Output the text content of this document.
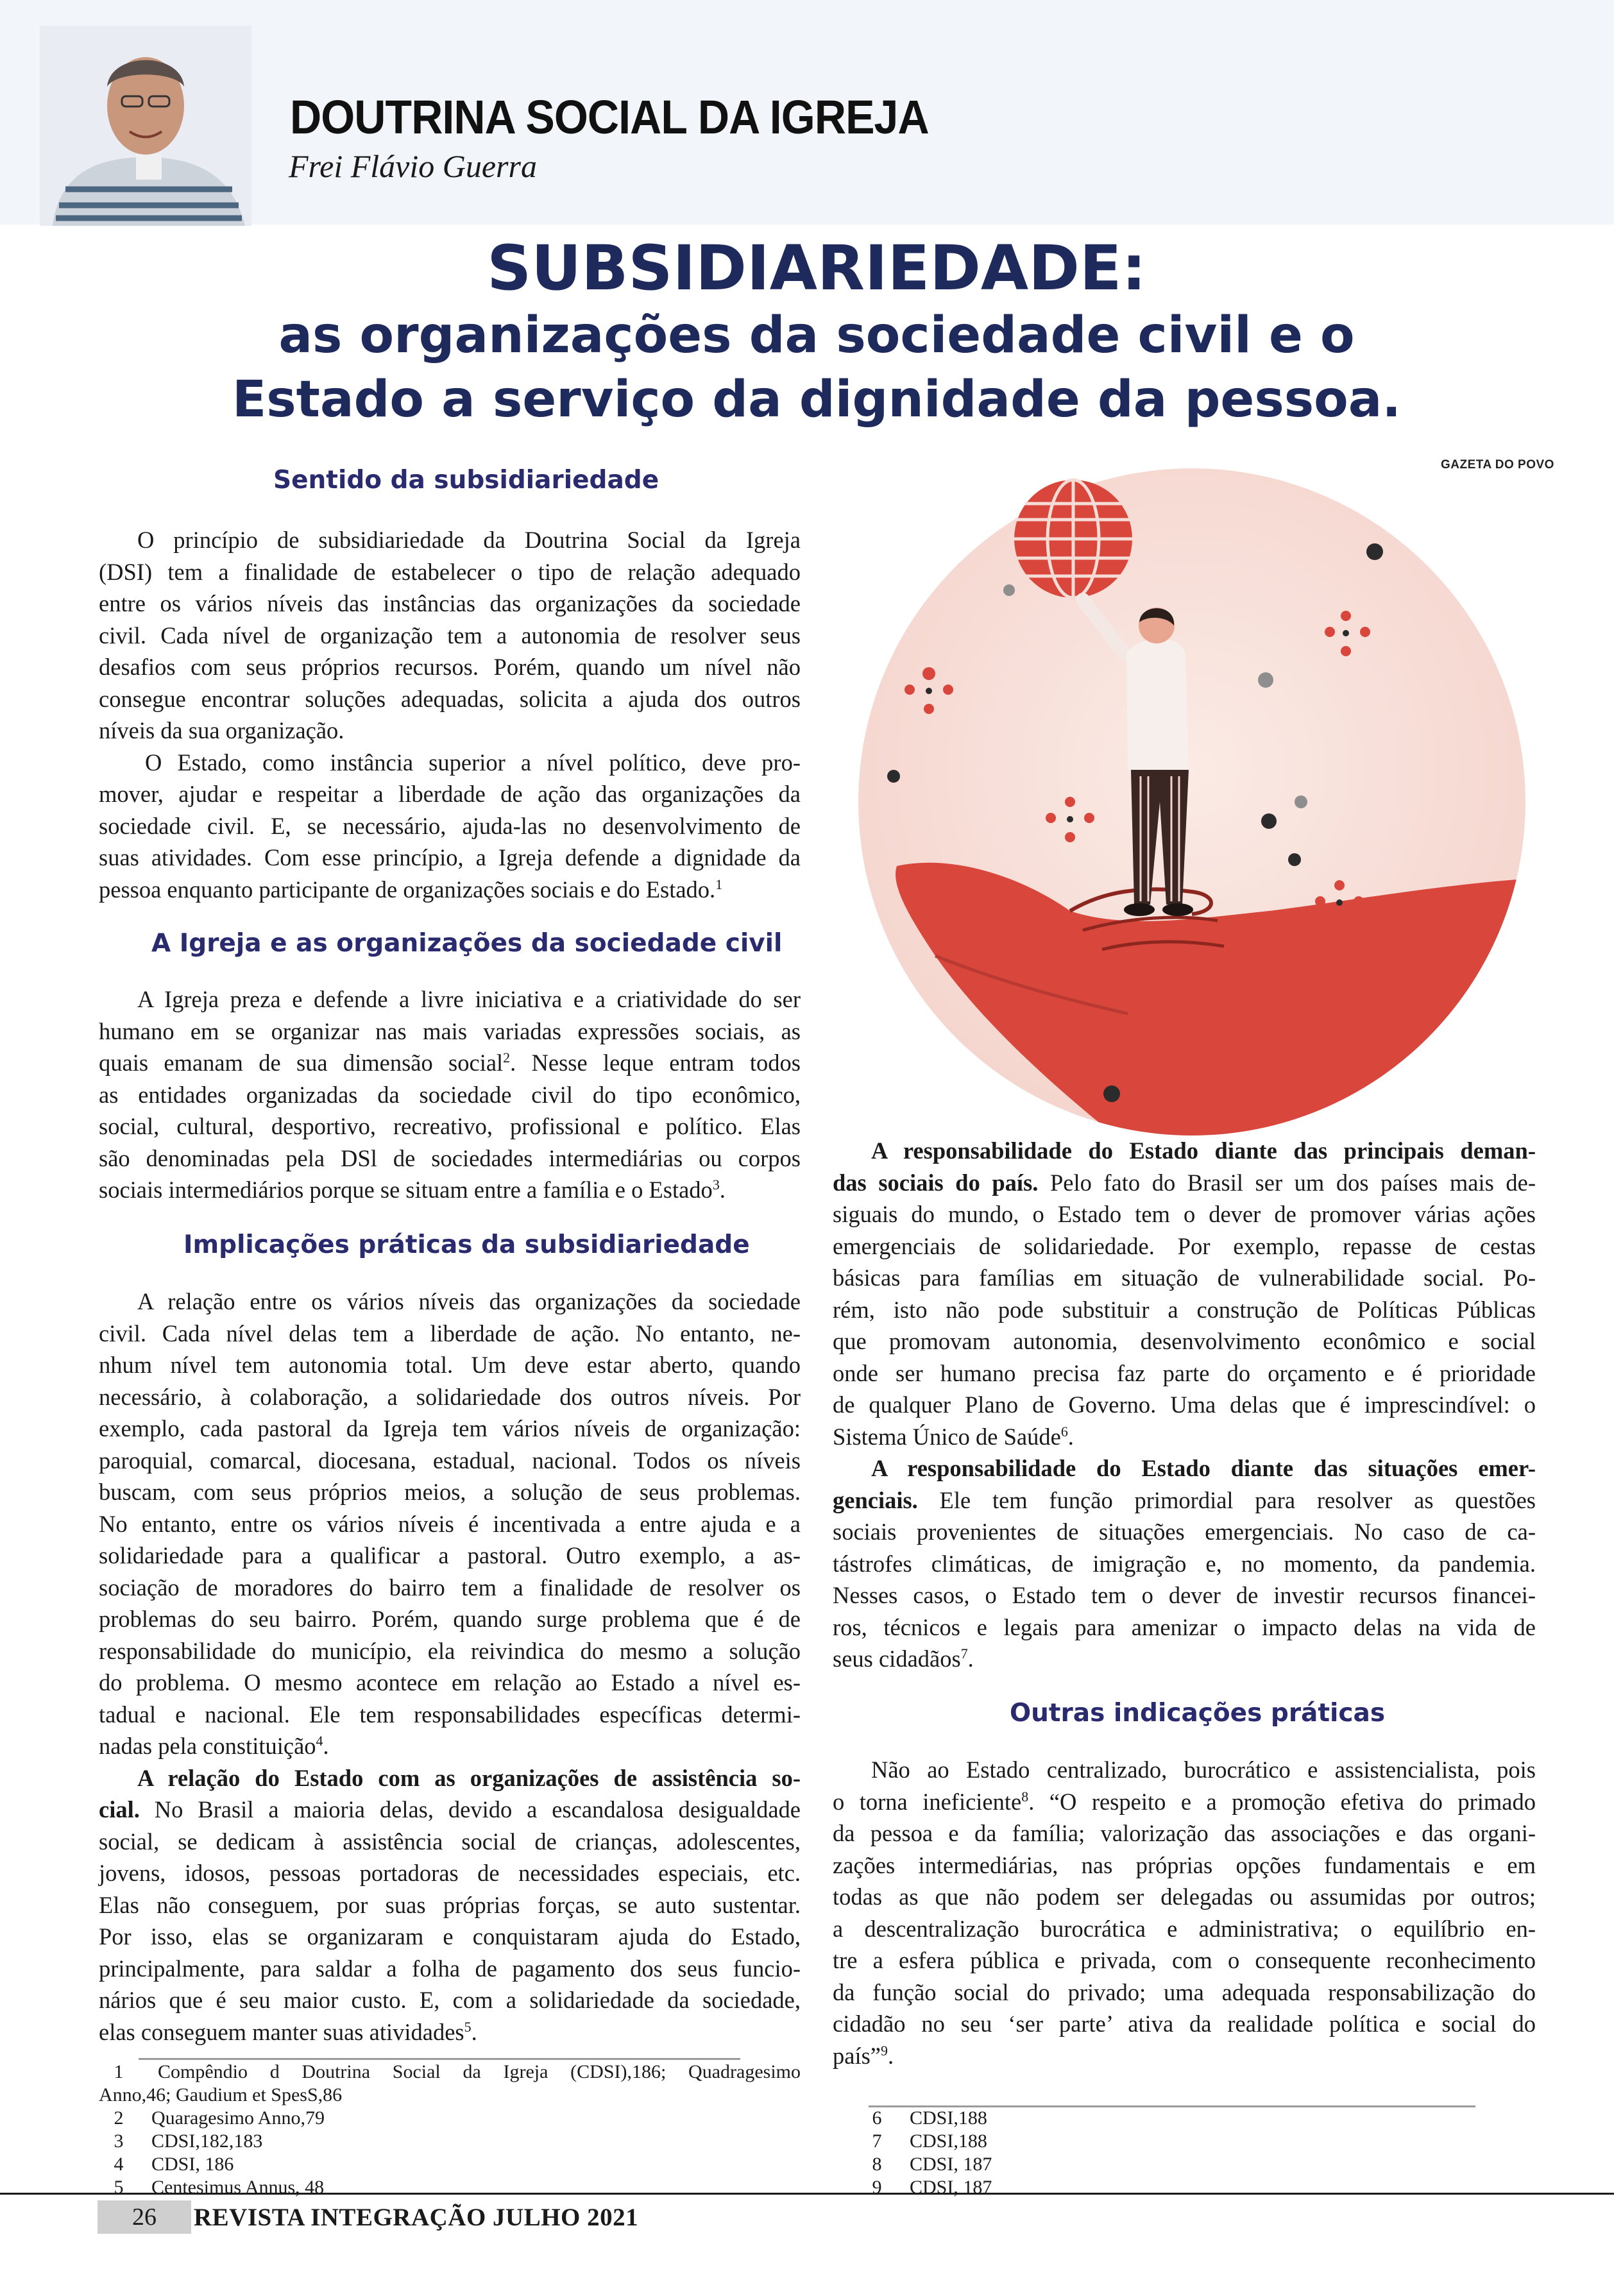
DOUTRINA SOCIAL DA IGREJA
Frei Flávio Guerra
SUBSIDIARIEDADE:
as organizações da sociedade civil e o
Estado a serviço da dignidade da pessoa.
GAZETA DO POVO
Sentido da subsidiariedade
O princípio de subsidiariedade da Doutrina Social da Igreja
(DSI) tem a finalidade de estabelecer o tipo de relação adequado
entre os vários níveis das instâncias das organizações da sociedade
civil. Cada nível de organização tem a autonomia de resolver seus
desafios com seus próprios recursos. Porém, quando um nível não
consegue encontrar soluções adequadas, solicita a ajuda dos outros
níveis da sua organização.
O Estado, como instância superior a nível político, deve pro-
mover, ajudar e respeitar a liberdade de ação das organizações da
sociedade civil. E, se necessário, ajuda-las no desenvolvimento de
suas atividades. Com esse princípio, a Igreja defende a dignidade da
pessoa enquanto participante de organizações sociais e do Estado.$^1$
A Igreja e as organizações da sociedade civil
A Igreja preza e defende a livre iniciativa e a criatividade do ser
humano em se organizar nas mais variadas expressões sociais, as
quais emanam de sua dimensão social$^2$. Nesse leque entram todos
as entidades organizadas da sociedade civil do tipo econômico,
social, cultural, desportivo, recreativo, profissional e político. Elas
são denominadas pela DSl de sociedades intermediárias ou corpos
sociais intermediários porque se situam entre a família e o Estado$^3$.
Implicações práticas da subsidiariedade
A relação entre os vários níveis das organizações da sociedade
civil. Cada nível delas tem a liberdade de ação. No entanto, ne-
nhum nível tem autonomia total. Um deve estar aberto, quando
necessário, à colaboração, a solidariedade dos outros níveis. Por
exemplo, cada pastoral da Igreja tem vários níveis de organização:
paroquial, comarcal, diocesana, estadual, nacional. Todos os níveis
buscam, com seus próprios meios, a solução de seus problemas.
No entanto, entre os vários níveis é incentivada a entre ajuda e a
solidariedade para a qualificar a pastoral. Outro exemplo, a as-
sociação de moradores do bairro tem a finalidade de resolver os
problemas do seu bairro. Porém, quando surge problema que é de
responsabilidade do município, ela reivindica do mesmo a solução
do problema. O mesmo acontece em relação ao Estado a nível es-
tadual e nacional. Ele tem responsabilidades específicas determi-
nadas pela constituição$^4$.
A relação do Estado com as organizações de assistência so-
cial. No Brasil a maioria delas, devido a escandalosa desigualdade
social, se dedicam à assistência social de crianças, adolescentes,
jovens, idosos, pessoas portadoras de necessidades especiais, etc.
Elas não conseguem, por suas próprias forças, se auto sustentar.
Por isso, elas se organizaram e conquistaram ajuda do Estado,
principalmente, para saldar a folha de pagamento dos seus funcio-
nários que é seu maior custo. E, com a solidariedade da sociedade,
elas conseguem manter suas atividades$^5$.
A responsabilidade do Estado diante das principais deman-
das sociais do país. Pelo fato do Brasil ser um dos países mais de-
siguais do mundo, o Estado tem o dever de promover várias ações
emergenciais de solidariedade. Por exemplo, repasse de cestas
básicas para famílias em situação de vulnerabilidade social. Po-
rém, isto não pode substituir a construção de Políticas Públicas
que promovam autonomia, desenvolvimento econômico e social
onde ser humano precisa faz parte do orçamento e é prioridade
de qualquer Plano de Governo. Uma delas que é imprescindível: o
Sistema Único de Saúde$^6$.
A responsabilidade do Estado diante das situações emer-
genciais. Ele tem função primordial para resolver as questões
sociais provenientes de situações emergenciais. No caso de ca-
tástrofes climáticas, de imigração e, no momento, da pandemia.
Nesses casos, o Estado tem o dever de investir recursos financei-
ros, técnicos e legais para amenizar o impacto delas na vida de
seus cidadãos$^7$.
Outras indicações práticas
Não ao Estado centralizado, burocrático e assistencialista, pois
o torna ineficiente$^8$. “O respeito e a promoção efetiva do primado
da pessoa e da família; valorização das associações e das organi-
zações intermediárias, nas próprias opções fundamentais e em
todas as que não podem ser delegadas ou assumidas por outros;
a descentralização burocrática e administrativa; o equilíbrio en-
tre a esfera pública e privada, com o consequente reconhecimento
da função social do privado; uma adequada responsabilização do
cidadão no seu ‘ser parte’ ativa da realidade política e social do
país”$^9$.
1	Compêndio d Doutrina Social da Igreja (CDSI),186; Quadragesimo
Anno,46; Gaudium et SpesS,86
2	Quaragesimo Anno,79
3	CDSI,182,183
4	CDSI, 186
5	Centesimus Annus, 48
6	CDSI,188
7	CDSI,188
8	CDSI, 187
9	CDSI, 187
26	REVISTA INTEGRAÇÃO JULHO 2021
